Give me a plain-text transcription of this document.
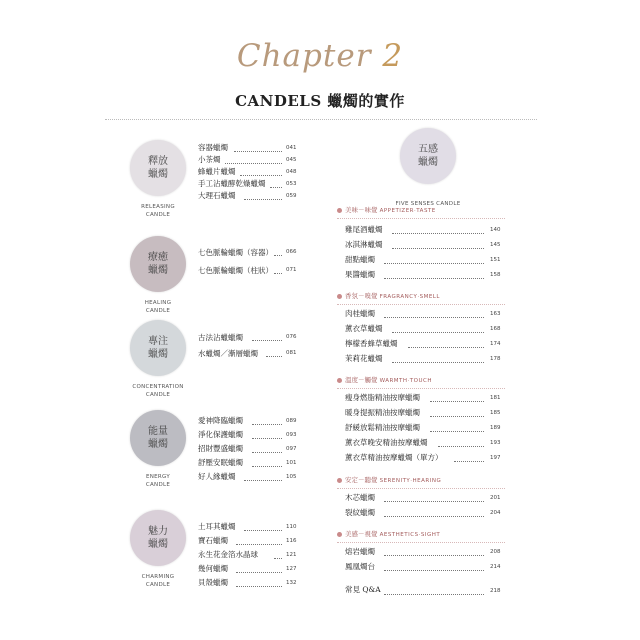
Chapter 2
CANDELS 蠟燭的實作
釋放
蠟燭
RELEASING
CANDLE
容器蠟燭
小茶燭
蜂蠟片蠟燭
手工沾蠟酵乾燥蠟燭
大理石蠟燭
041
045
048
053
059
療癒
蠟燭
HEALING
CANDLE
七色脈輪蠟燭（容器）
七色脈輪蠟燭（柱狀）
066
071
專注
蠟燭
CONCENTRATION
CANDLE
古法沾蠟蠟燭
水蠟燭／漸層蠟燭
076
081
能量
蠟燭
ENERGY
CANDLE
愛神降臨蠟燭
淨化保護蠟燭
招財豐盛蠟燭
舒壓安眠蠟燭
好人緣蠟燭
089
093
097
101
105
魅力
蠟燭
CHARMING
CANDLE
土耳其蠟燭
寶石蠟燭
永生花金箔水晶球
幾何蠟燭
貝殼蠟燭
110
116
121
127
132
五感
蠟燭
FIVE SENSES CANDLE
美味－味覺 APPETIZER‧TASTE
雞尾酒蠟燭
冰淇淋蠟燭
甜點蠟燭
果醬蠟燭
140
145
151
158
香氛－嗅覺 FRAGRANCY‧SMELL
肉桂蠟燭
薰衣草蠟燭
檸檬香蜂草蠟燭
茉莉花蠟燭
163
168
174
178
溫度－觸覺 WARMTH‧TOUCH
瘦身燃脂精油按摩蠟燭
暖身提振精油按摩蠟燭
舒緩放鬆精油按摩蠟燭
薰衣草晚安精油按摩蠟燭
薰衣草精油按摩蠟燭（單方）
181
185
189
193
197
安定－聽覺 SERENITY‧HEARING
木芯蠟燭
裂紋蠟燭
201
204
美感－視覺 AESTHETICS‧SIGHT
熔岩蠟燭
鳳凰燭台
208
214
常見 Q&A	218
